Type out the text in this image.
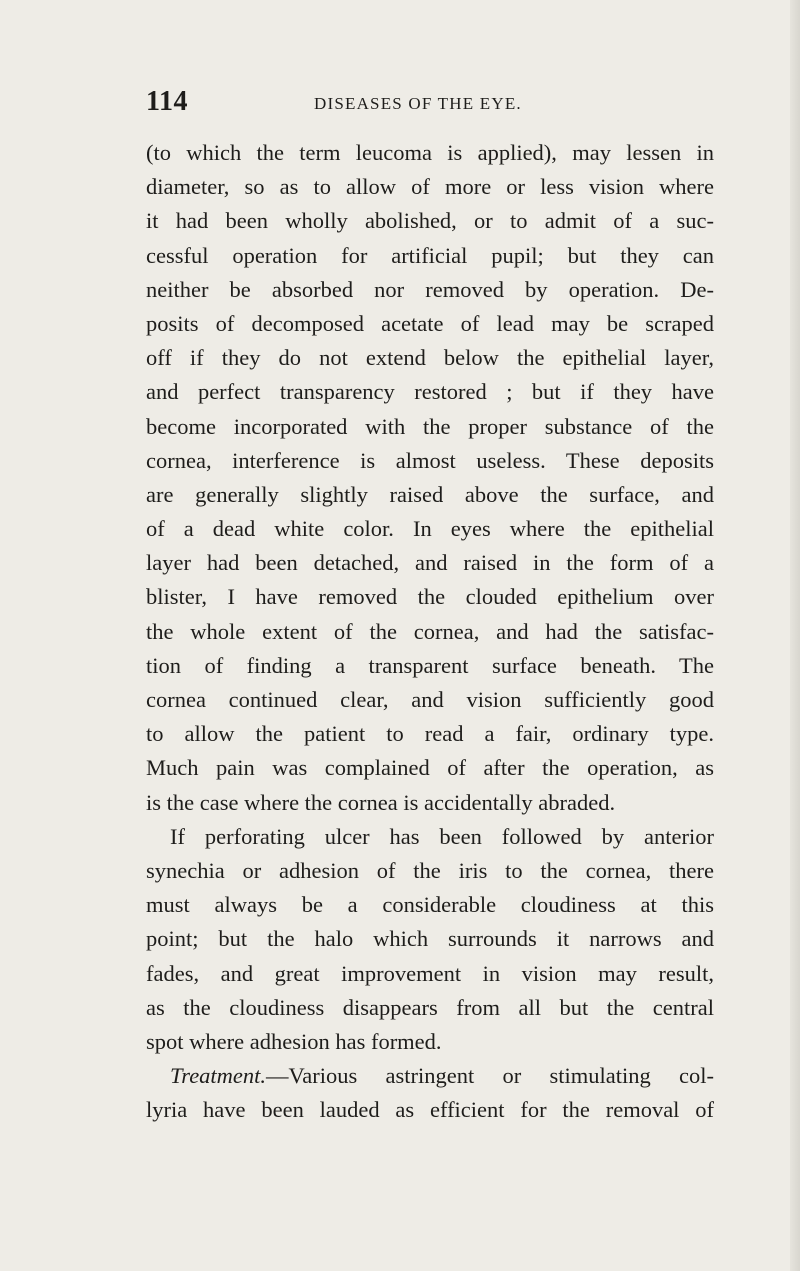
114	DISEASES OF THE EYE.
(to which the term leucoma is applied), may lessen in
diameter, so as to allow of more or less vision where
it had been wholly abolished, or to admit of a suc-
cessful operation for artificial pupil; but they can
neither be absorbed nor removed by operation. De-
posits of decomposed acetate of lead may be scraped
off if they do not extend below the epithelial layer,
and perfect transparency restored ; but if they have
become incorporated with the proper substance of the
cornea, interference is almost useless. These deposits
are generally slightly raised above the surface, and
of a dead white color. In eyes where the epithelial
layer had been detached, and raised in the form of a
blister, I have removed the clouded epithelium over
the whole extent of the cornea, and had the satisfac-
tion of finding a transparent surface beneath. The
cornea continued clear, and vision sufficiently good
to allow the patient to read a fair, ordinary type.
Much pain was complained of after the operation, as
is the case where the cornea is accidentally abraded.
If perforating ulcer has been followed by anterior
synechia or adhesion of the iris to the cornea, there
must always be a considerable cloudiness at this
point; but the halo which surrounds it narrows and
fades, and great improvement in vision may result,
as the cloudiness disappears from all but the central
spot where adhesion has formed.
Treatment.—Various astringent or stimulating col-
lyria have been lauded as efficient for the removal of
